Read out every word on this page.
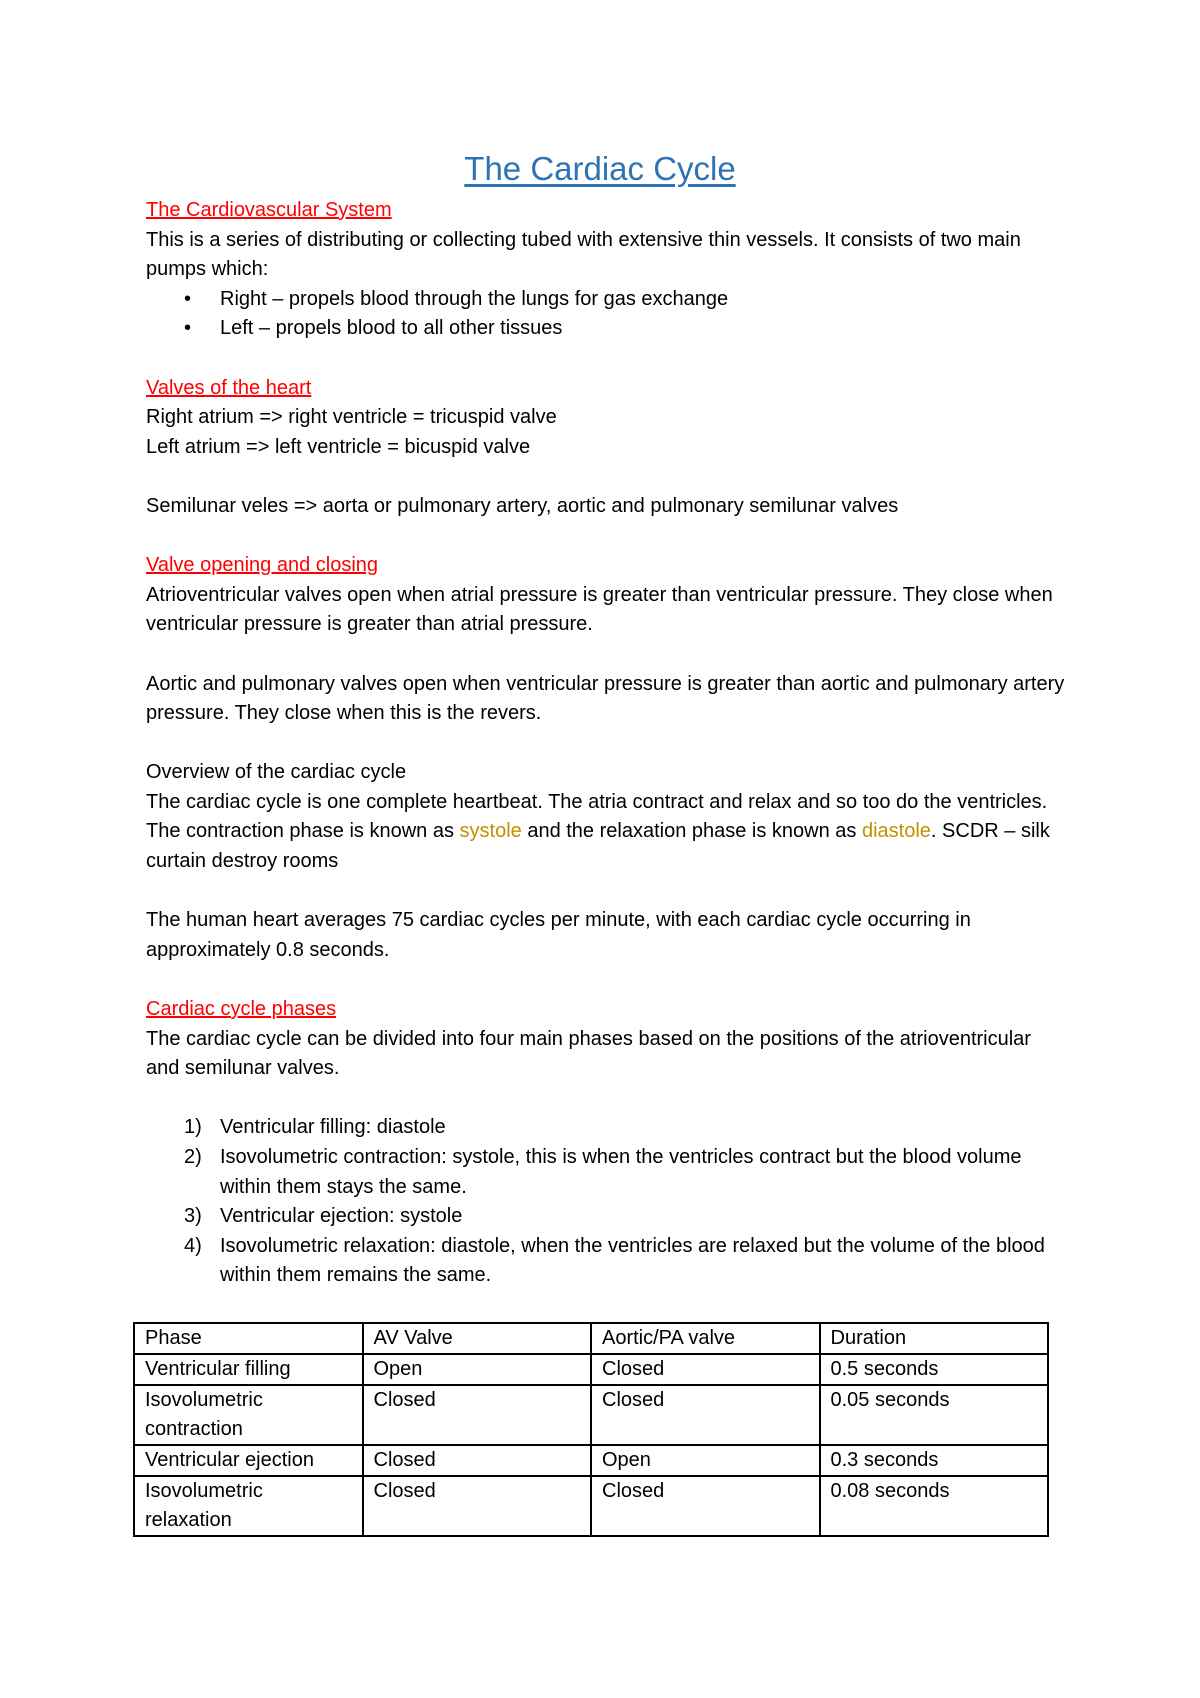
The Cardiac Cycle

The Cardiovascular System

This is a series of distributing or collecting tubed with extensive thin vessels. It consists of two main pumps which:

• Right – propels blood through the lungs for gas exchange
• Left – propels blood to all other tissues

Valves of the heart

Right atrium => right ventricle = tricuspid valve

Left atrium => left ventricle = bicuspid valve

Semilunar veles => aorta or pulmonary artery, aortic and pulmonary semilunar valves

Valve opening and closing

Atrioventricular valves open when atrial pressure is greater than ventricular pressure. They close when ventricular pressure is greater than atrial pressure.

Aortic and pulmonary valves open when ventricular pressure is greater than aortic and pulmonary artery pressure. They close when this is the revers.

Overview of the cardiac cycle

The cardiac cycle is one complete heartbeat. The atria contract and relax and so too do the ventricles. The contraction phase is known as systole and the relaxation phase is known as diastole. SCDR – silk curtain destroy rooms

The human heart averages 75 cardiac cycles per minute, with each cardiac cycle occurring in approximately 0.8 seconds.

Cardiac cycle phases

The cardiac cycle can be divided into four main phases based on the positions of the atrioventricular and semilunar valves.

1) Ventricular filling: diastole
2) Isovolumetric contraction: systole, this is when the ventricles contract but the blood volume within them stays the same.
3) Ventricular ejection: systole
4) Isovolumetric relaxation: diastole, when the ventricles are relaxed but the volume of the blood within them remains the same.
Phase	AV Valve	Aortic/PA valve	Duration
Ventricular filling	Open	Closed	0.5 seconds
Isovolumetric contraction	Closed	Closed	0.05 seconds
Ventricular ejection	Closed	Open	0.3 seconds
Isovolumetric relaxation	Closed	Closed	0.08 seconds
